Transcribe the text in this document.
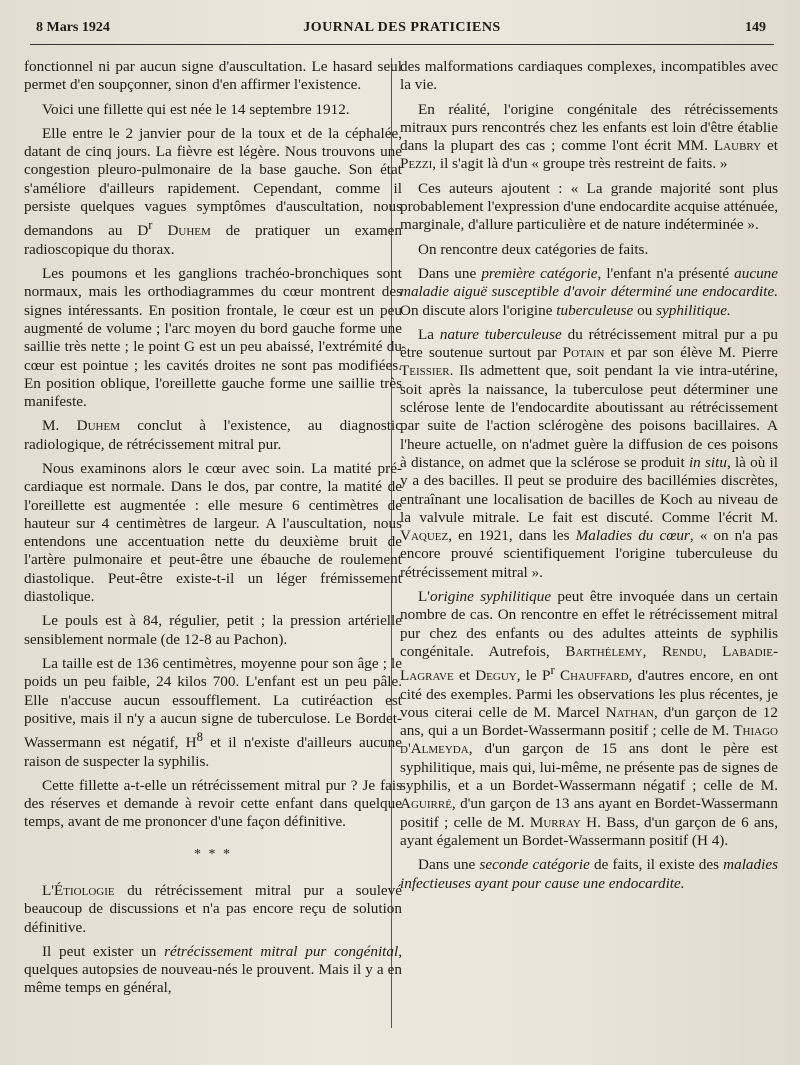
8 Mars 1924	JOURNAL DES PRATICIENS	149

fonctionnel ni par aucun signe d'auscultation. Le hasard seul permet d'en soupçonner, sinon d'en affirmer l'existence.

Voici une fillette qui est née le 14 septembre 1912.

Elle entre le 2 janvier pour de la toux et de la céphalée, datant de cinq jours. La fièvre est légère. Nous trouvons une congestion pleuro-pulmonaire de la base gauche. Son état s'améliore d'ailleurs rapidement. Cependant, comme il persiste quelques vagues symptômes d'auscultation, nous demandons au $D^r$ Duhem de pratiquer un examen radioscopique du thorax.

Les poumons et les ganglions trachéo-bronchiques sont normaux, mais les orthodiagrammes du cœur montrent des signes intéressants. En position frontale, le cœur est un peu augmenté de volume ; l'arc moyen du bord gauche forme une saillie très nette ; le point G est un peu abaissé, l'extrémité du cœur est pointue ; les cavités droites ne sont pas modifiées. En position oblique, l'oreillette gauche forme une saillie très manifeste.

M. Duhem conclut à l'existence, au diagnostic radiologique, de rétrécissement mitral pur.

Nous examinons alors le cœur avec soin. La matité pré-cardiaque est normale. Dans le dos, par contre, la matité de l'oreillette est augmentée : elle mesure 6 centimètres de hauteur sur 4 centimètres de largeur. A l'auscultation, nous entendons une accentuation nette du deuxième bruit de l'artère pulmonaire et peut-être une ébauche de roulement diastolique. Peut-être existe-t-il un léger frémissement diastolique.

Le pouls est à 84, régulier, petit ; la pression artérielle sensiblement normale (de 12-8 au Pachon).

La taille est de 136 centimètres, moyenne pour son âge ; le poids un peu faible, 24 kilos 700. L'enfant est un peu pâle. Elle n'accuse aucun essoufflement. La cutiréaction est positive, mais il n'y a aucun signe de tuberculose. Le Bordet-Wassermann est négatif, $H^8$ et il n'existe d'ailleurs aucune raison de suspecter la syphilis.

Cette fillette a-t-elle un rétrécissement mitral pur ? Je fais des réserves et demande à revoir cette enfant dans quelque temps, avant de me prononcer d'une façon définitive.

* * *

L'Étiologie du rétrécissement mitral pur a soulevé beaucoup de discussions et n'a pas encore reçu de solution définitive.

Il peut exister un rétrécissement mitral pur congénital, quelques autopsies de nouveau-nés le prouvent. Mais il y a en même temps en général,

des malformations cardiaques complexes, incompatibles avec la vie.

En réalité, l'origine congénitale des rétrécissements mitraux purs rencontrés chez les enfants est loin d'être établie dans la plupart des cas ; comme l'ont écrit MM. Laubry et Pezzi, il s'agit là d'un « groupe très restreint de faits. »

Ces auteurs ajoutent : « La grande majorité sont plus probablement l'expression d'une endocardite acquise atténuée, marginale, d'allure particulière et de nature indéterminée ».

On rencontre deux catégories de faits.

Dans une première catégorie, l'enfant n'a présenté aucune maladie aiguë susceptible d'avoir déterminé une endocardite. On discute alors l'origine tuberculeuse ou syphilitique.

La nature tuberculeuse du rétrécissement mitral pur a pu être soutenue surtout par Potain et par son élève M. Pierre Teissier. Ils admettent que, soit pendant la vie intra-utérine, soit après la naissance, la tuberculose peut déterminer une sclérose lente de l'endocardite aboutissant au rétrécissement par suite de l'action sclérogène des poisons bacillaires. A l'heure actuelle, on n'admet guère la diffusion de ces poisons à distance, on admet que la sclérose se produit in situ, là où il y a des bacilles. Il peut se produire des bacillémies discrètes, entraînant une localisation de bacilles de Koch au niveau de la valvule mitrale. Le fait est discuté. Comme l'écrit M. Vaquez, en 1921, dans les Maladies du cœur, « on n'a pas encore prouvé scientifiquement l'origine tuberculeuse du rétrécissement mitral ».

L'origine syphilitique peut être invoquée dans un certain nombre de cas. On rencontre en effet le rétrécissement mitral pur chez des enfants ou des adultes atteints de syphilis congénitale. Autrefois, Barthélemy, Rendu, Labadie-Lagrave et Deguy, le $P^r$ Chauffard, d'autres encore, en ont cité des exemples. Parmi les observations les plus récentes, je vous citerai celle de M. Marcel Nathan, d'un garçon de 12 ans, qui a un Bordet-Wassermann positif ; celle de M. Thiago d'Almeyda, d'un garçon de 15 ans dont le père est syphilitique, mais qui, lui-même, ne présente pas de signes de syphilis, et a un Bordet-Wassermann négatif ; celle de M. Aguirré, d'un garçon de 13 ans ayant en Bordet-Wassermann positif ; celle de M. Murray H. Bass, d'un garçon de 6 ans, ayant également un Bordet-Wassermann positif (H 4).

Dans une seconde catégorie de faits, il existe des maladies infectieuses ayant pour cause une endocardite.
